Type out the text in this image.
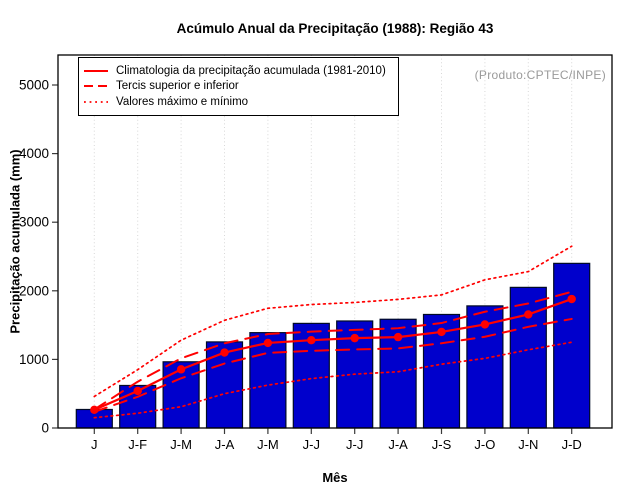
Acúmulo Anual da Precipitação (1988): Região 43
J J-F J-M J-A J-M J-J J-J J-A J-S J-O J-N J-D
0
1000
2000
3000
4000
5000
(Produto:CPTEC/INPE)
Climatologia da precipitação acumulada (1981-2010)
Tercis superior e inferior
Valores máximo e mínimo
Precipitação acumulada (mm)
Mês
